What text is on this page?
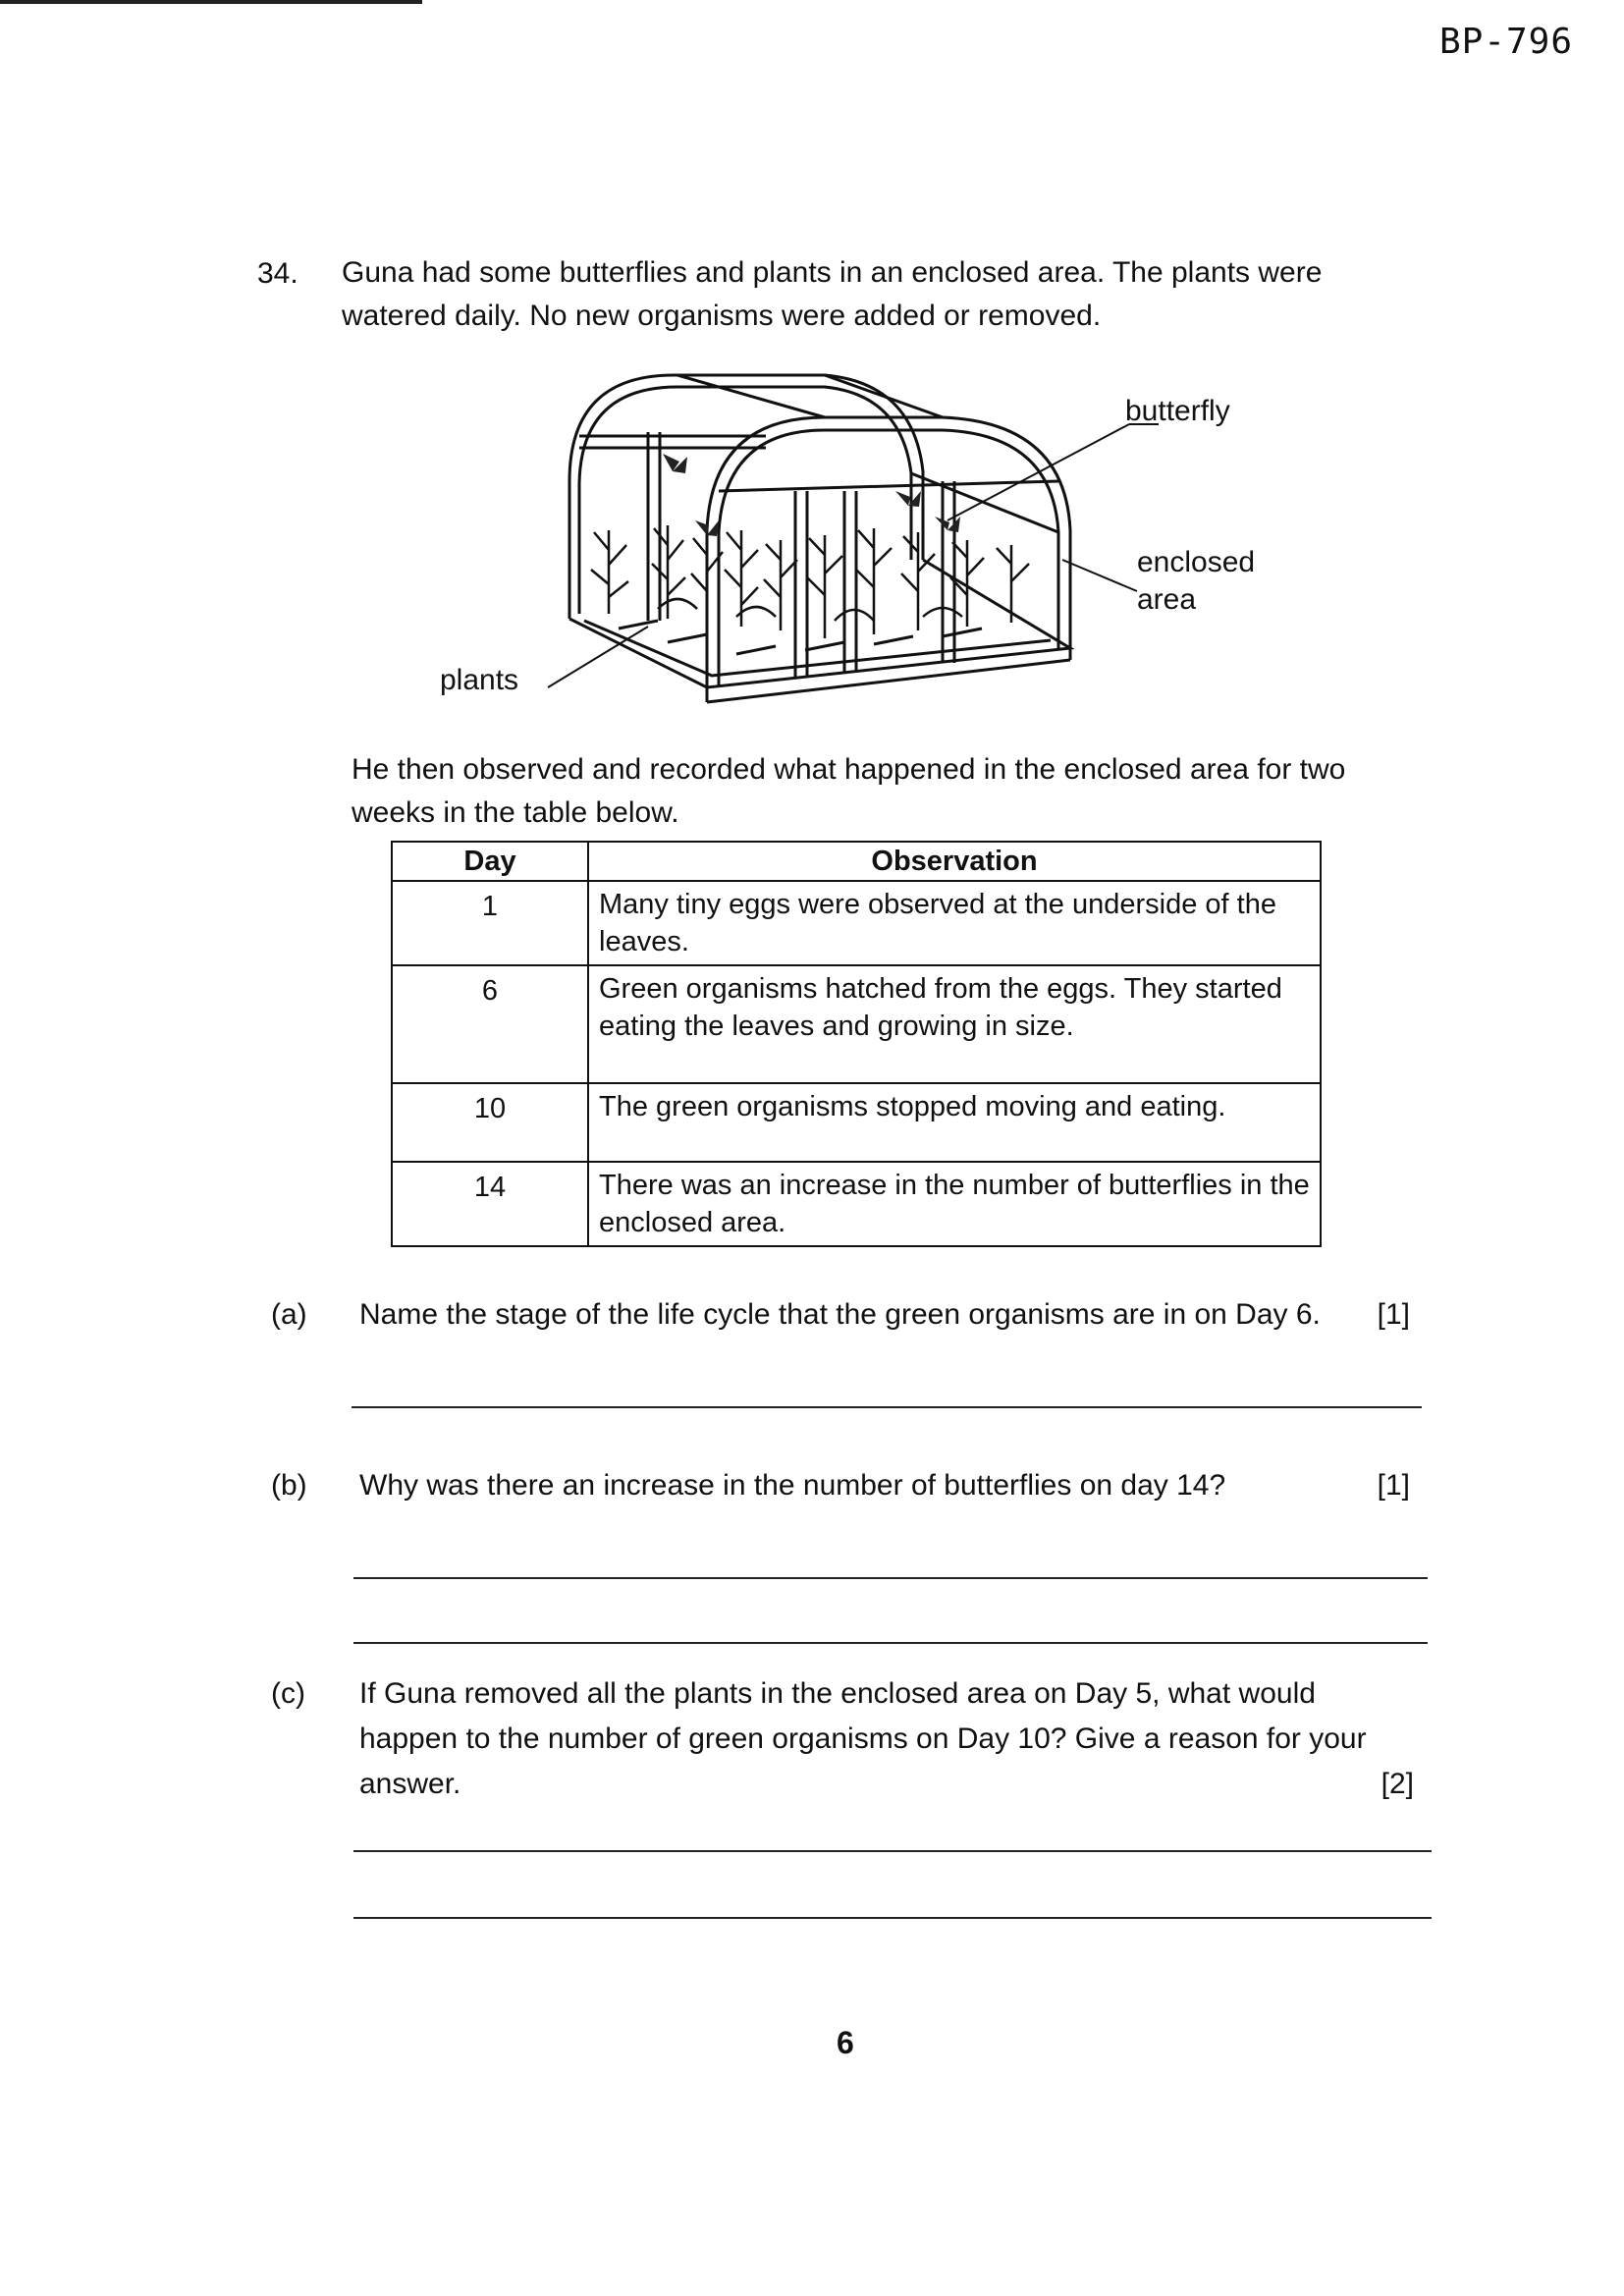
BP-796
34. Guna had some butterflies and plants in an enclosed area. The plants were watered daily. No new organisms were added or removed.
butterfly
enclosed
area
plants
He then observed and recorded what happened in the enclosed area for two weeks in the table below.
Day	Observation
1	Many tiny eggs were observed at the underside of the leaves.
6	Green organisms hatched from the eggs. They started eating the leaves and growing in size.
10	The green organisms stopped moving and eating.
14	There was an increase in the number of butterflies in the enclosed area.
(a) Name the stage of the life cycle that the green organisms are in on Day 6.	[1]
(b) Why was there an increase in the number of butterflies on day 14?	[1]
(c) If Guna removed all the plants in the enclosed area on Day 5, what would happen to the number of green organisms on Day 10? Give a reason for your answer.	[2]
6
